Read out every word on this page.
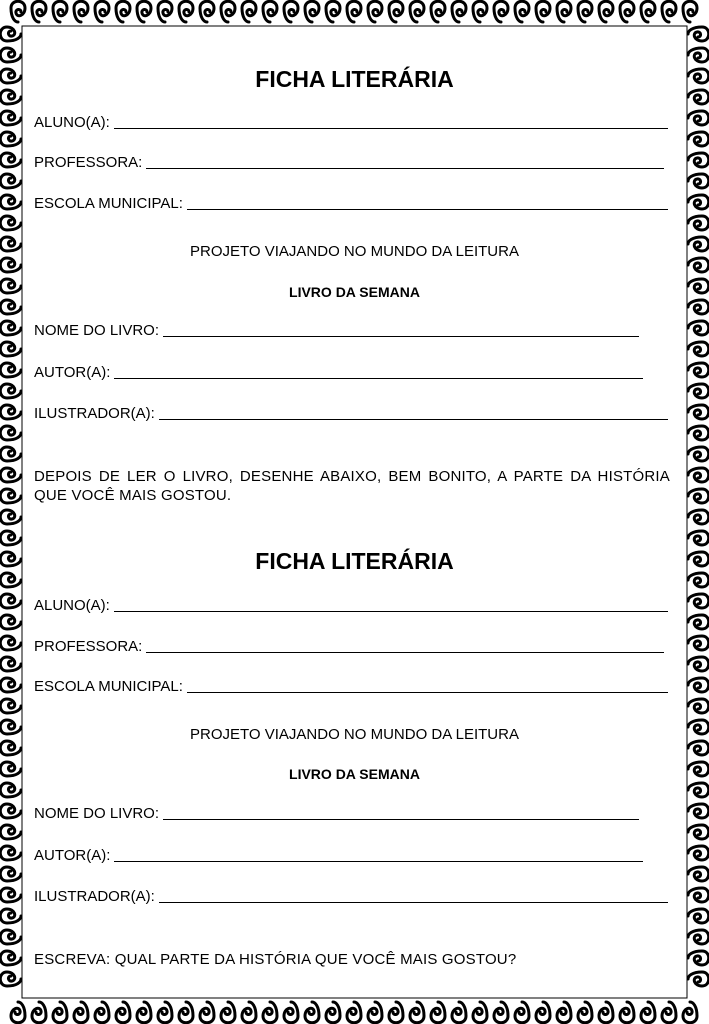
FICHA LITERÁRIA
ALUNO(A):
PROFESSORA:
ESCOLA MUNICIPAL:
PROJETO VIAJANDO NO MUNDO DA LEITURA
LIVRO DA SEMANA
NOME DO LIVRO:
AUTOR(A):
ILUSTRADOR(A):
DEPOIS DE LER O LIVRO, DESENHE ABAIXO, BEM BONITO, A PARTE DA HISTÓRIA QUE VOCÊ MAIS GOSTOU.
FICHA LITERÁRIA
ALUNO(A):
PROFESSORA:
ESCOLA MUNICIPAL:
PROJETO VIAJANDO NO MUNDO DA LEITURA
LIVRO DA SEMANA
NOME DO LIVRO:
AUTOR(A):
ILUSTRADOR(A):
ESCREVA: QUAL PARTE DA HISTÓRIA QUE VOCÊ MAIS GOSTOU?
